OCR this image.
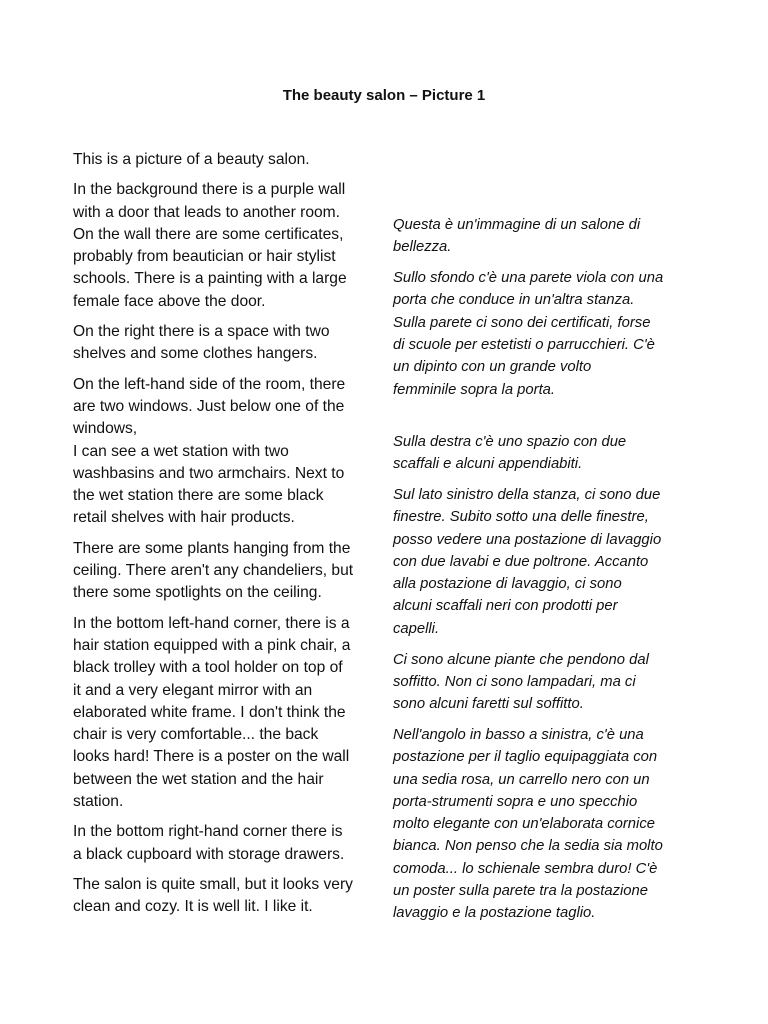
The beauty salon – Picture 1

This is a picture of a beauty salon.

In the background there is a purple wall
with a door that leads to another room.
On the wall there are some certificates,
probably from beautician or hair stylist
schools. There is a painting with a large
female face above the door.

On the right there is a space with two
shelves and some clothes hangers.

On the left-hand side of the room, there
are two windows. Just below one of the
windows,
I can see a wet station with two
washbasins and two armchairs. Next to
the wet station there are some black
retail shelves with hair products.

There are some plants hanging from the
ceiling. There aren't any chandeliers, but
there some spotlights on the ceiling.

In the bottom left-hand corner, there is a
hair station equipped with a pink chair, a
black trolley with a tool holder on top of
it and a very elegant mirror with an
elaborated white frame. I don't think the
chair is very comfortable... the back
looks hard! There is a poster on the wall
between the wet station and the hair
station.

In the bottom right-hand corner there is
a black cupboard with storage drawers.

The salon is quite small, but it looks very
clean and cozy. It is well lit. I like it.

Questa è un'immagine di un salone di
bellezza.

Sullo sfondo c'è una parete viola con una
porta che conduce in un'altra stanza.
Sulla parete ci sono dei certificati, forse
di scuole per estetisti o parrucchieri. C'è
un dipinto con un grande volto
femminile sopra la porta.

Sulla destra c'è uno spazio con due
scaffali e alcuni appendiabiti.

Sul lato sinistro della stanza, ci sono due
finestre. Subito sotto una delle finestre,
posso vedere una postazione di lavaggio
con due lavabi e due poltrone. Accanto
alla postazione di lavaggio, ci sono
alcuni scaffali neri con prodotti per
capelli.

Ci sono alcune piante che pendono dal
soffitto. Non ci sono lampadari, ma ci
sono alcuni faretti sul soffitto.

Nell'angolo in basso a sinistra, c'è una
postazione per il taglio equipaggiata con
una sedia rosa, un carrello nero con un
porta-strumenti sopra e uno specchio
molto elegante con un'elaborata cornice
bianca. Non penso che la sedia sia molto
comoda... lo schienale sembra duro! C'è
un poster sulla parete tra la postazione
lavaggio e la postazione taglio.
